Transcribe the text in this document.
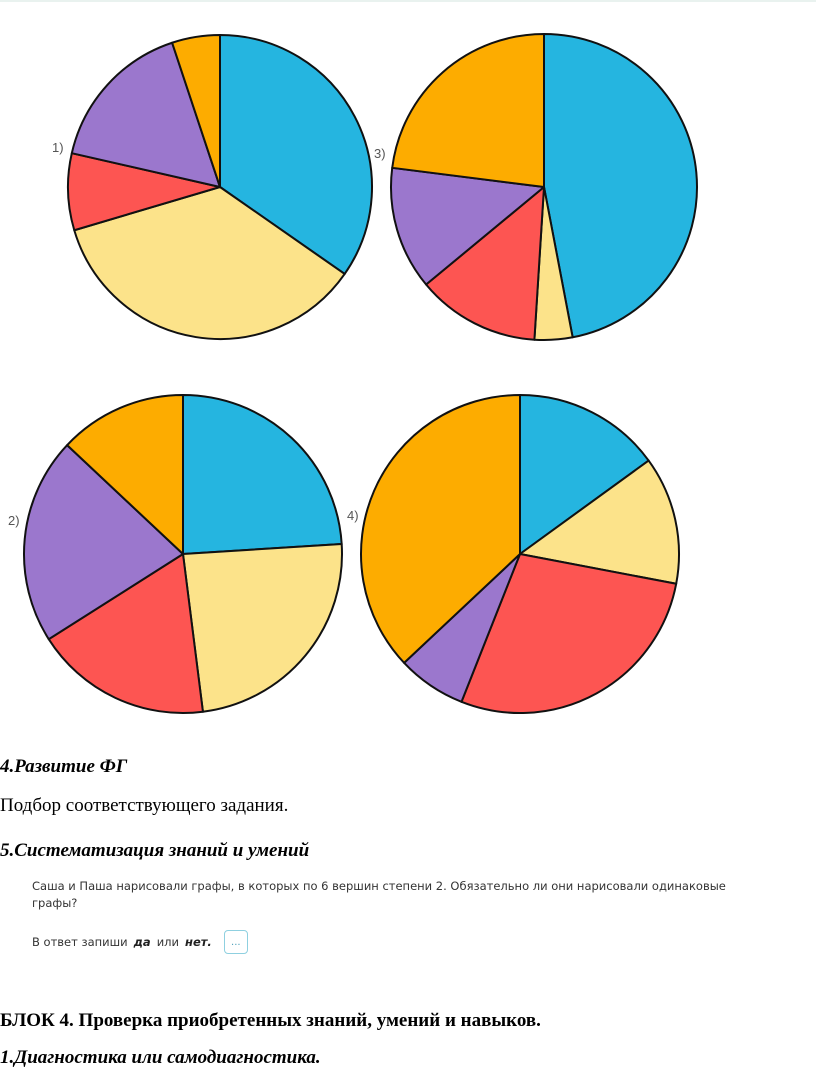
1)	3)
2)	4)
4.Развитие ФГ
Подбор соответствующего задания.
5.Систематизация знаний и умений
Саша и Паша нарисовали графы, в которых по 6 вершин степени 2. Обязательно ли они нарисовали одинаковые
графы?
В ответ запиши да или нет.	...
БЛОК 4. Проверка приобретенных знаний, умений и навыков.
1.Диагностика или самодиагностика.
